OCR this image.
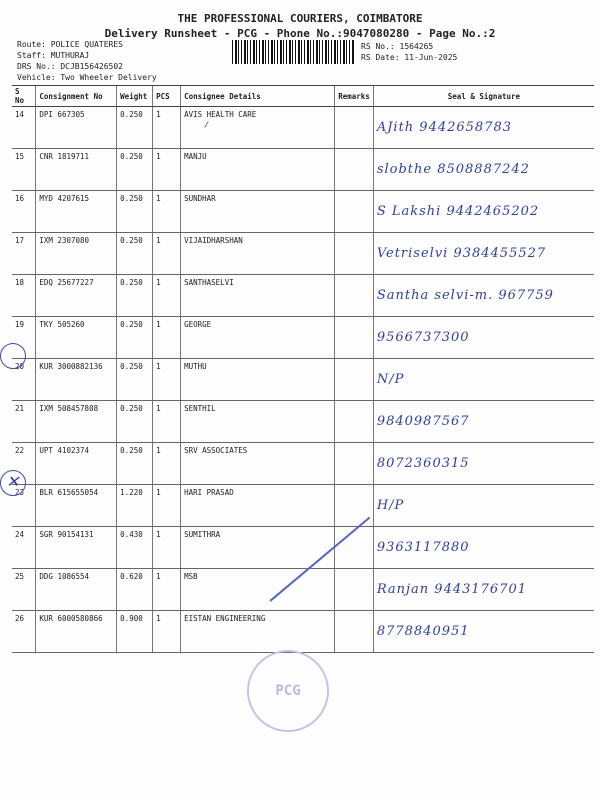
THE PROFESSIONAL COURIERS, COIMBATORE
Delivery Runsheet - PCG - Phone No.:9047080280 - Page No.:2
Route: POLICE QUATERES
Staff: MUTHURAJ
DRS No.: DCJB156426502
Vehicle: Two Wheeler Delivery
RS No.: 1564265
RS Date: 11-Jun-2025
S No	Consignment No	Weight	PCS	Consignee Details	Remarks	Seal & Signature
14	DPI 667305	0.250	1	AVIS HEALTH CARE		AJith 9442658783

15	CNR 1819711	0.250	1	MANJU		slobthe 8508887242

16	MYD 4207615	0.250	1	SUNDHAR		S Lakshi 9442465202

17	IXM 2307080	0.250	1	VIJAIDHARSHAN		Vetriselvi 9384455527

18	EDQ 25677227	0.250	1	SANTHASELVI		Santha selvi-m. 967759

19	TKY 505260	0.250	1	GEORGE		9566737300

20	KUR 3000882136	0.250	1	MUTHU		N/P

21	IXM 508457808	0.250	1	SENTHIL		9840987567

22	UPT 4102374	0.250	1	SRV ASSOCIATES		8072360315

23	BLR 615655054	1.220	1	HARI PRASAD		H/P

24	SGR 90154131	0.430	1	SUMITHRA		9363117880

25	DDG 1086554	0.620	1	MSB		Ranjan 9443176701

26	KUR 6000580866	0.900	1	EISTAN ENGINEERING		8778840951
✕
PCG
